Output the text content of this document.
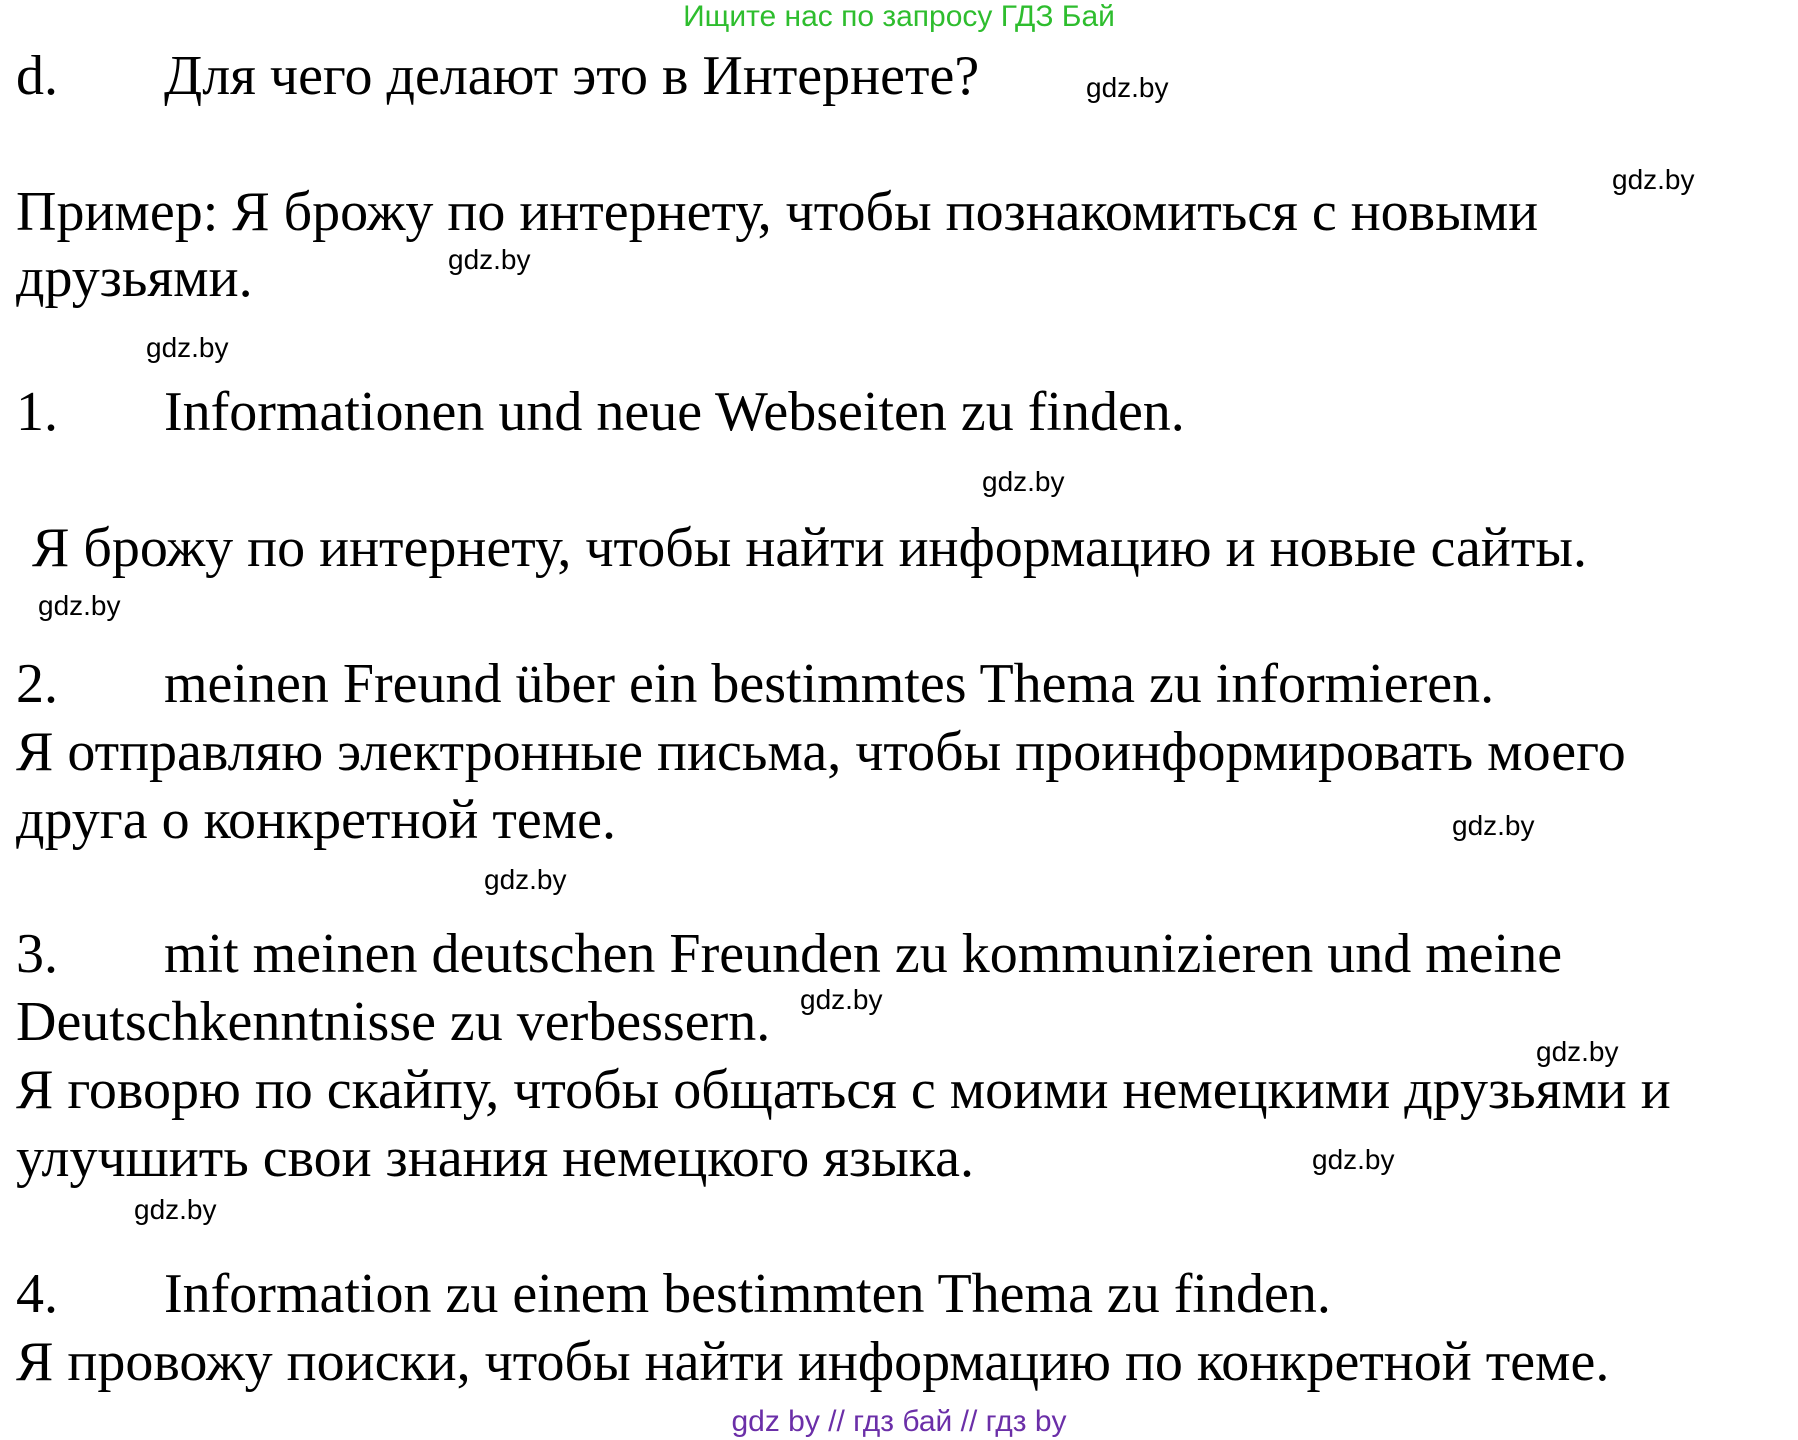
Ищите нас по запросу ГДЗ Бай
d. Для чего делают это в Интернете?
Пример: Я брожу по интернету, чтобы познакомиться с новыми
друзьями.
1. Informationen und neue Webseiten zu finden.
Я брожу по интернету, чтобы найти информацию и новые сайты.
2. meinen Freund über ein bestimmtes Thema zu informieren.
Я отправляю электронные письма, чтобы проинформировать моего
друга о конкретной теме.
3. mit meinen deutschen Freunden zu kommunizieren und meine
Deutschkenntnisse zu verbessern.
Я говорю по скайпу, чтобы общаться с моими немецкими друзьями и
улучшить свои знания немецкого языка.
4. Information zu einem bestimmten Thema zu finden.
Я провожу поиски, чтобы найти информацию по конкретной теме.
gdz.by
gdz.by
gdz.by
gdz.by
gdz.by
gdz.by
gdz.by
gdz.by
gdz.by
gdz.by
gdz.by
gdz.by
gdz by // гдз бай // гдз by
